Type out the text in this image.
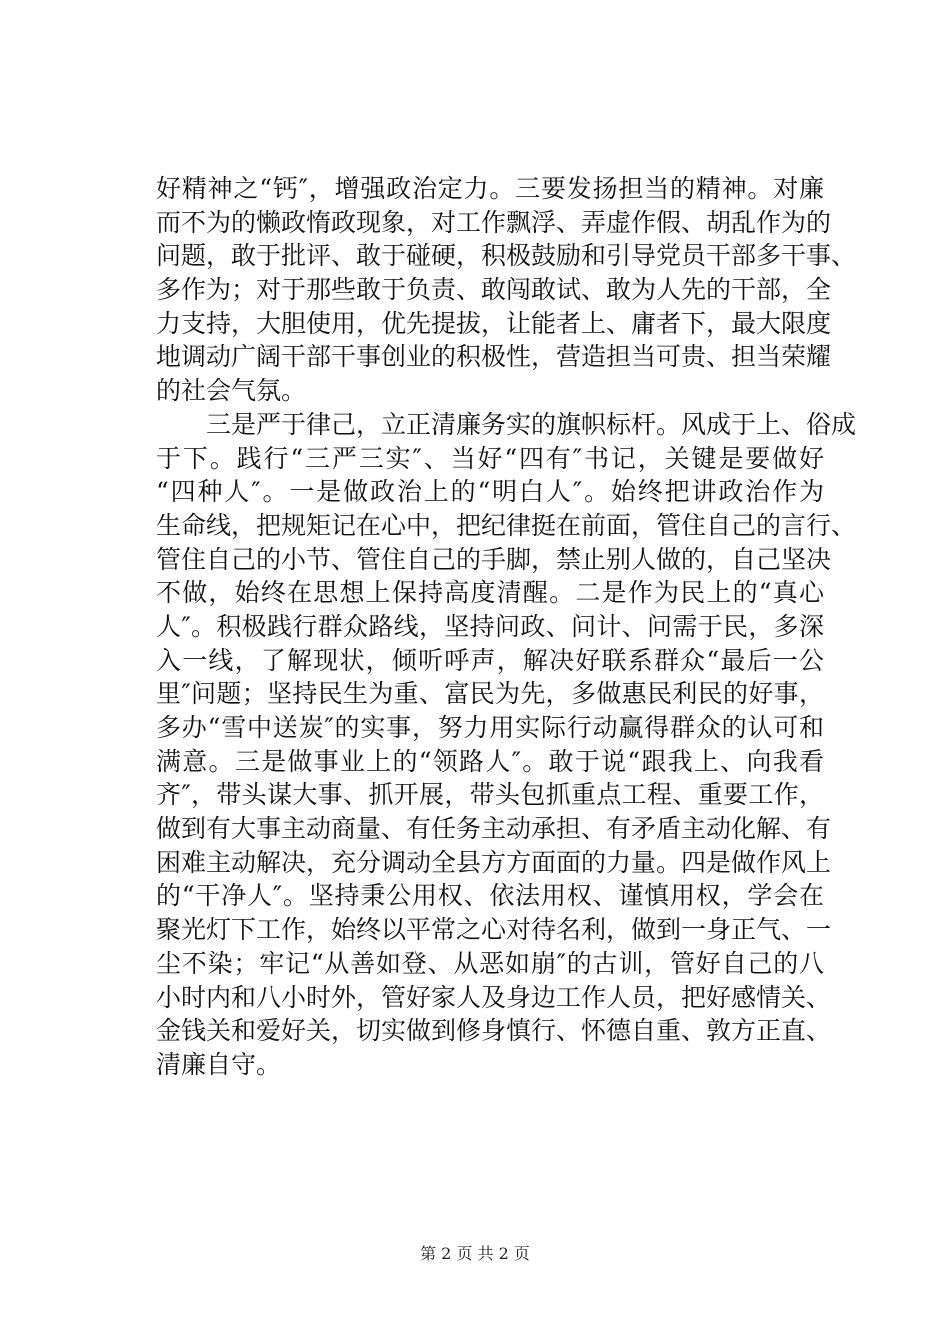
好精神之“钙″，增强政治定力。三要发扬担当的精神。对廉
而不为的懒政惰政现象，对工作飘浮、弄虚作假、胡乱作为的
问题，敢于批评、敢于碰硬，积极鼓励和引导党员干部多干事、
多作为；对于那些敢于负责、敢闯敢试、敢为人先的干部，全
力支持，大胆使用，优先提拔，让能者上、庸者下，最大限度
地调动广阔干部干事创业的积极性，营造担当可贵、担当荣耀
的社会气氛。
三是严于律己，立正清廉务实的旗帜标杆。风成于上、俗成
于下。践行“三严三实″、当好“四有″书记，关键是要做好
“四种人″。一是做政治上的“明白人″。始终把讲政治作为
生命线，把规矩记在心中，把纪律挺在前面，管住自己的言行、
管住自己的小节、管住自己的手脚，禁止别人做的，自己坚决
不做，始终在思想上保持高度清醒。二是作为民上的“真心
人″。积极践行群众路线，坚持问政、问计、问需于民，多深
入一线，了解现状，倾听呼声，解决好联系群众“最后一公
里″问题；坚持民生为重、富民为先，多做惠民利民的好事，
多办“雪中送炭″的实事，努力用实际行动赢得群众的认可和
满意。三是做事业上的“领路人″。敢于说“跟我上、向我看
齐″，带头谋大事、抓开展，带头包抓重点工程、重要工作，
做到有大事主动商量、有任务主动承担、有矛盾主动化解、有
困难主动解决，充分调动全县方方面面的力量。四是做作风上
的“干净人″。坚持秉公用权、依法用权、谨慎用权，学会在
聚光灯下工作，始终以平常之心对待名利，做到一身正气、一
尘不染；牢记“从善如登、从恶如崩″的古训，管好自己的八
小时内和八小时外，管好家人及身边工作人员，把好感情关、
金钱关和爱好关，切实做到修身慎行、怀德自重、敦方正直、
清廉自守。
第 2 页 共 2 页
